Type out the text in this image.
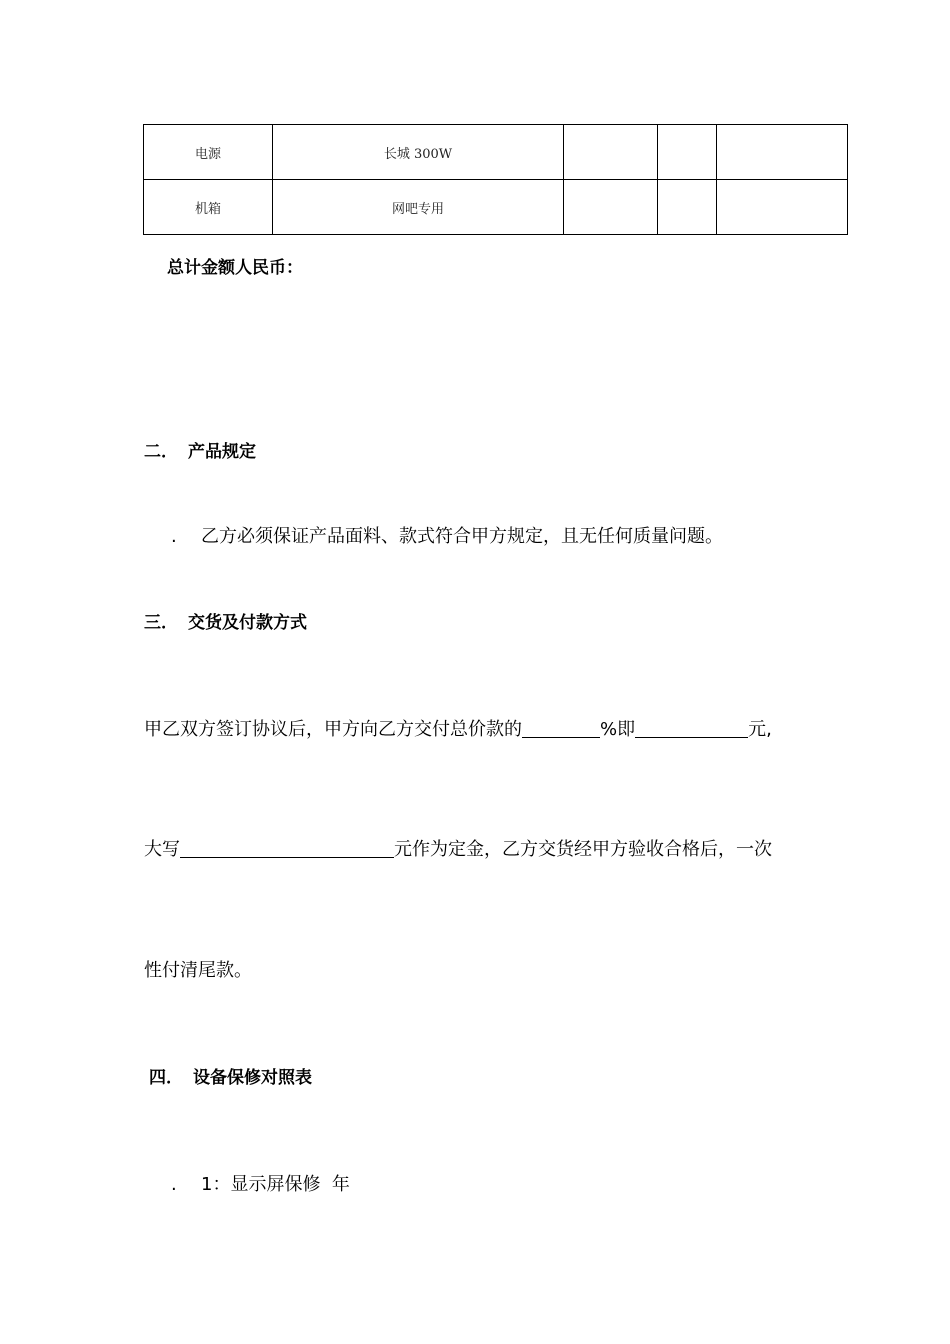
电源	长城 300W			
机箱	网吧专用			
总计金额人民币：
二． 产品规定
. 乙方必须保证产品面料、款式符合甲方规定，且无任何质量问题。
三． 交货及付款方式
甲乙双方签订协议后，甲方向乙方交付总价款的	%即	元,
大写	元作为定金，乙方交货经甲方验收合格后，一次
性付清尾款。
四． 设备保修对照表
. 1：显示屏保修  年
